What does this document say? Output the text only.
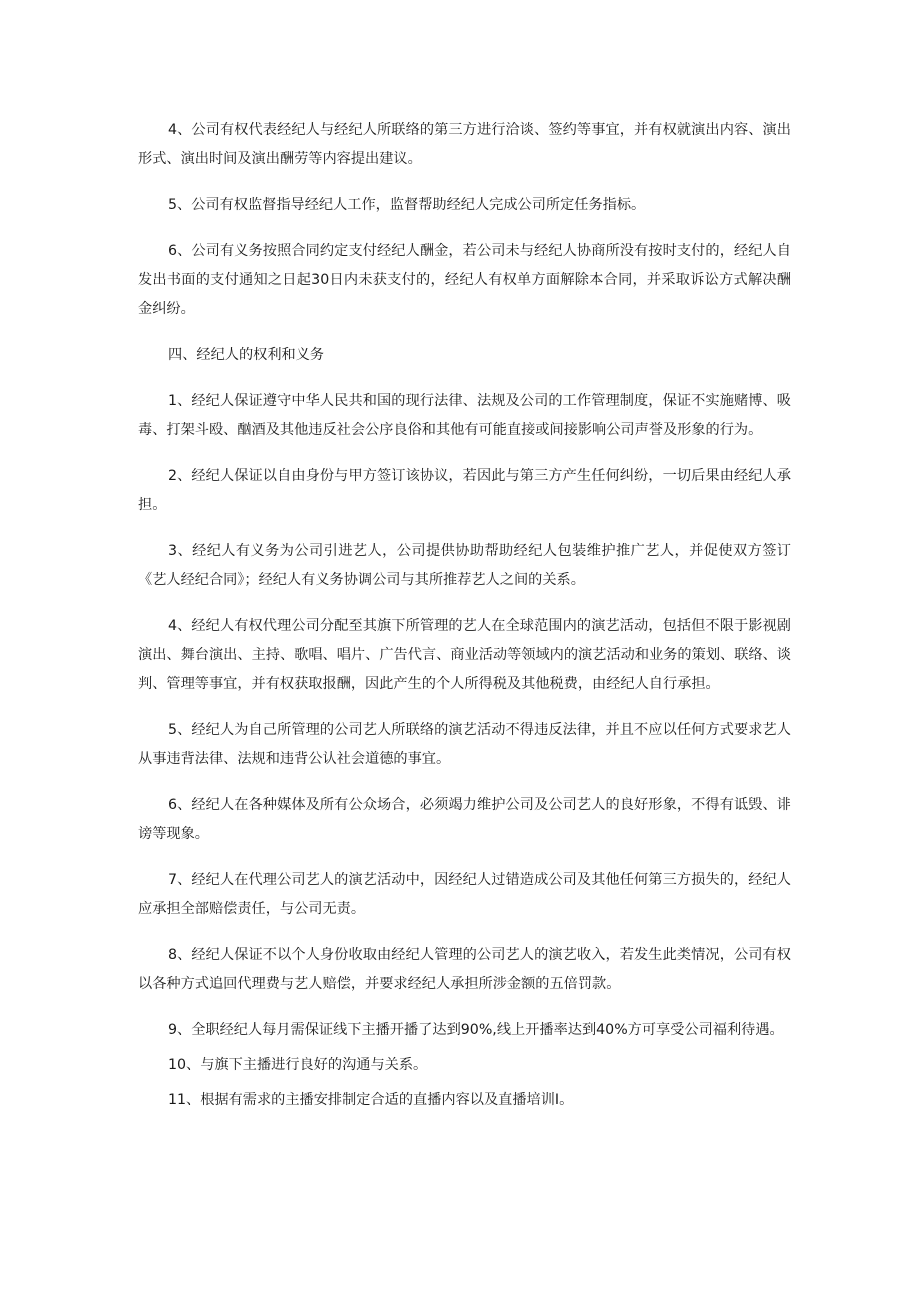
4、公司有权代表经纪人与经纪人所联络的第三方进行洽谈、签约等事宜，并有权就演出内容、演出形式、演出时间及演出酬劳等内容提出建议。

5、公司有权监督指导经纪人工作，监督帮助经纪人完成公司所定任务指标。

6、公司有义务按照合同约定支付经纪人酬金，若公司未与经纪人协商所没有按时支付的，经纪人自发出书面的支付通知之日起30日内未获支付的，经纪人有权单方面解除本合同，并采取诉讼方式解决酬金纠纷。

四、经纪人的权利和义务

1、经纪人保证遵守中华人民共和国的现行法律、法规及公司的工作管理制度，保证不实施赌博、吸毒、打架斗殴、酗酒及其他违反社会公序良俗和其他有可能直接或间接影响公司声誉及形象的行为。

2、经纪人保证以自由身份与甲方签订该协议，若因此与第三方产生任何纠纷，一切后果由经纪人承担。

3、经纪人有义务为公司引进艺人，公司提供协助帮助经纪人包装维护推广艺人，并促使双方签订《艺人经纪合同》；经纪人有义务协调公司与其所推荐艺人之间的关系。

4、经纪人有权代理公司分配至其旗下所管理的艺人在全球范围内的演艺活动，包括但不限于影视剧演出、舞台演出、主持、歌唱、唱片、广告代言、商业活动等领域内的演艺活动和业务的策划、联络、谈判、管理等事宜，并有权获取报酬，因此产生的个人所得税及其他税费，由经纪人自行承担。

5、经纪人为自己所管理的公司艺人所联络的演艺活动不得违反法律，并且不应以任何方式要求艺人从事违背法律、法规和违背公认社会道德的事宜。

6、经纪人在各种媒体及所有公众场合，必须竭力维护公司及公司艺人的良好形象，不得有诋毁、诽谤等现象。

7、经纪人在代理公司艺人的演艺活动中，因经纪人过错造成公司及其他任何第三方损失的，经纪人应承担全部赔偿责任，与公司无责。

8、经纪人保证不以个人身份收取由经纪人管理的公司艺人的演艺收入，若发生此类情况，公司有权以各种方式追回代理费与艺人赔偿，并要求经纪人承担所涉金额的五倍罚款。

9、全职经纪人每月需保证线下主播开播了达到90%,线上开播率达到40%方可享受公司福利待遇。

10、与旗下主播进行良好的沟通与关系。

11、根据有需求的主播安排制定合适的直播内容以及直播培训I。
